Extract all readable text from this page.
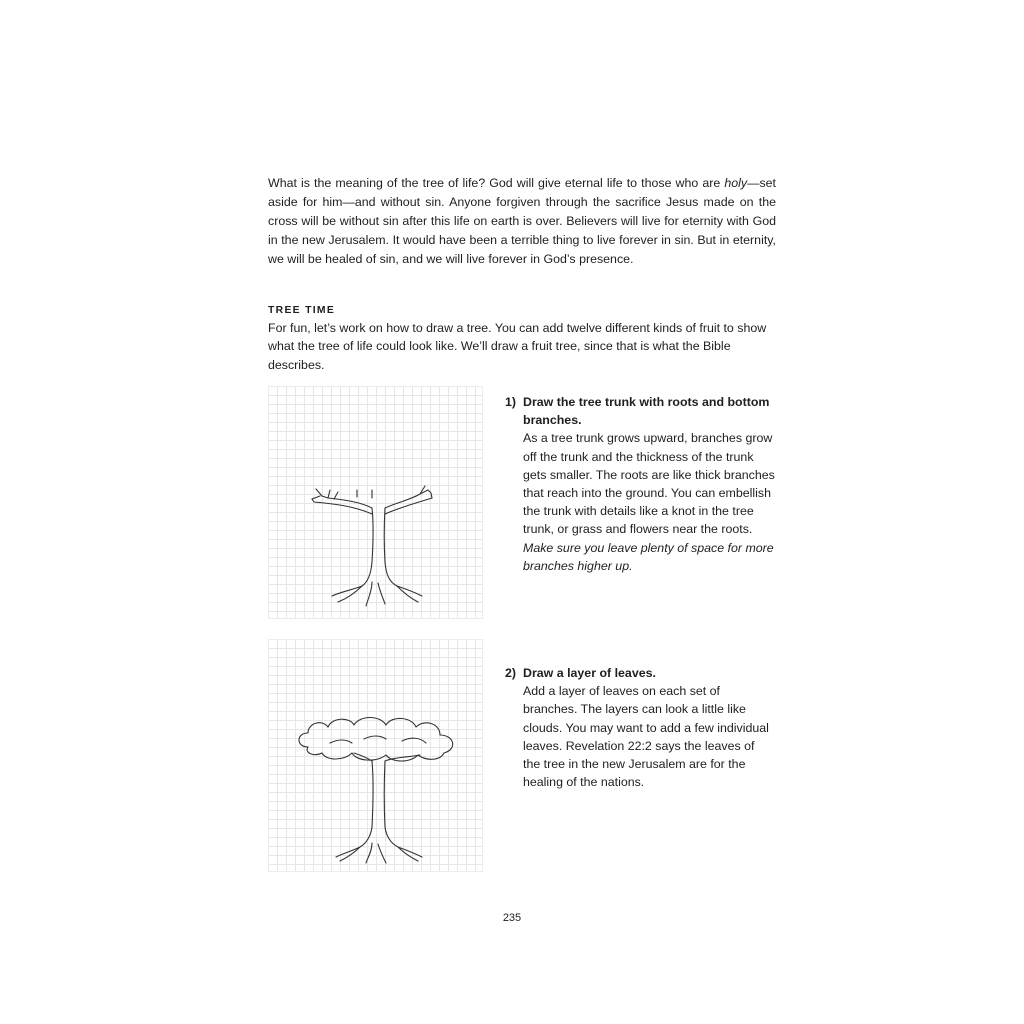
What is the meaning of the tree of life? God will give eternal life to those who are holy—set aside for him—and without sin. Anyone forgiven through the sacrifice Jesus made on the cross will be without sin after this life on earth is over. Believers will live for eternity with God in the new Jerusalem. It would have been a terrible thing to live forever in sin. But in eternity, we will be healed of sin, and we will live forever in God’s presence.

TREE TIME

For fun, let’s work on how to draw a tree. You can add twelve different kinds of fruit to show what the tree of life could look like. We’ll draw a fruit tree, since that is what the Bible describes.

1) Draw the tree trunk with roots and bottom branches.
As a tree trunk grows upward, branches grow off the trunk and the thickness of the trunk gets smaller. The roots are like thick branches that reach into the ground. You can embellish the trunk with details like a knot in the tree trunk, or grass and flowers near the roots. Make sure you leave plenty of space for more branches higher up.
2) Draw a layer of leaves.
Add a layer of leaves on each set of branches. The layers can look a little like clouds. You may want to add a few individual leaves. Revelation 22:2 says the leaves of the tree in the new Jerusalem are for the healing of the nations.
235
